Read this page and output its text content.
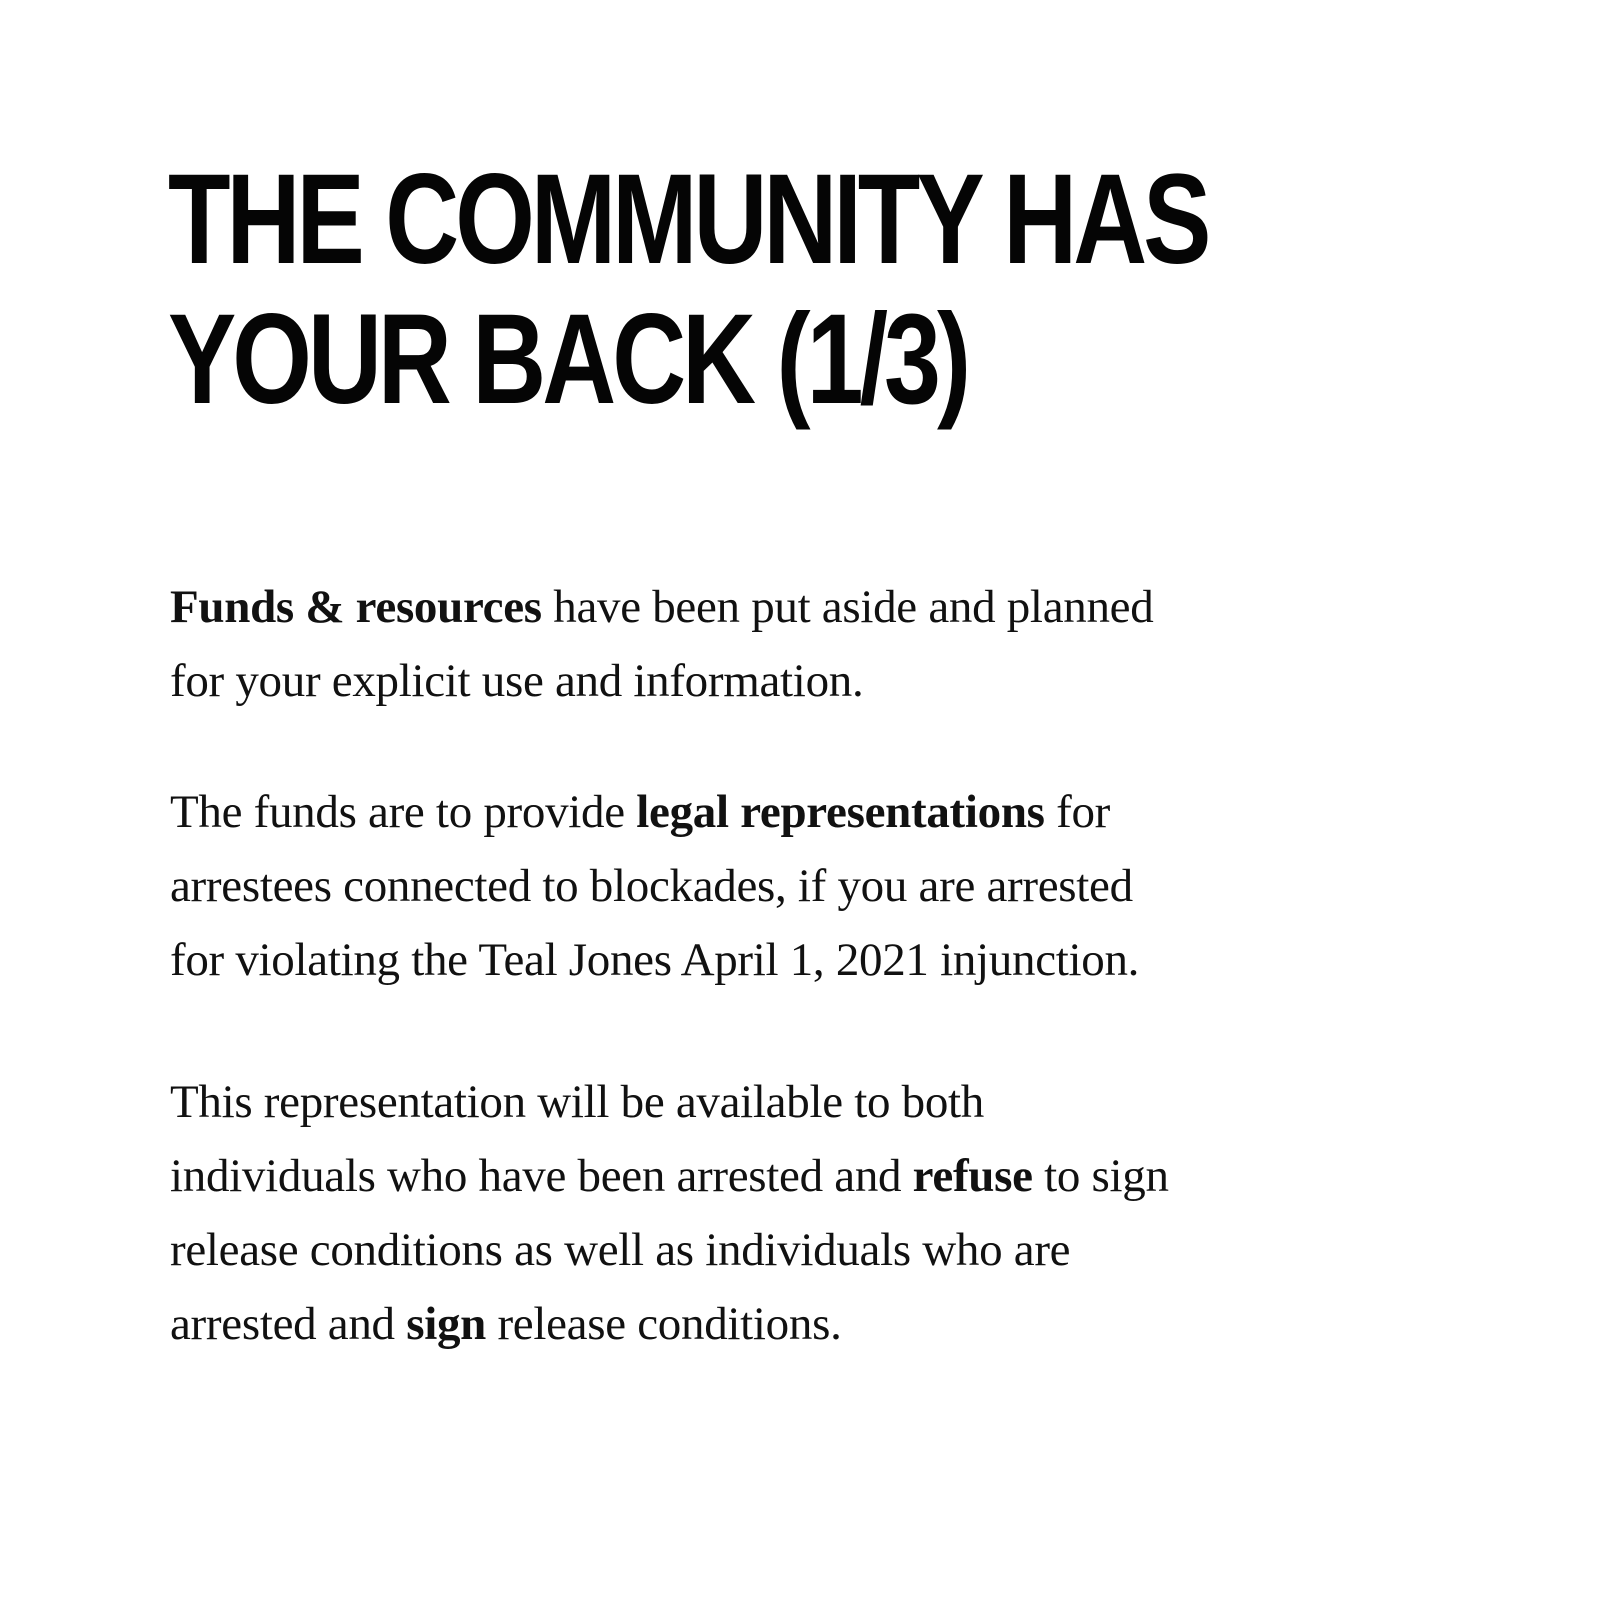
THE COMMUNITY HAS
YOUR BACK (1/3)

Funds & resources have been put aside and planned
for your explicit use and information.

The funds are to provide legal representations for
arrestees connected to blockades, if you are arrested
for violating the Teal Jones April 1, 2021 injunction.

This representation will be available to both
individuals who have been arrested and refuse to sign
release conditions as well as individuals who are
arrested and sign release conditions.
